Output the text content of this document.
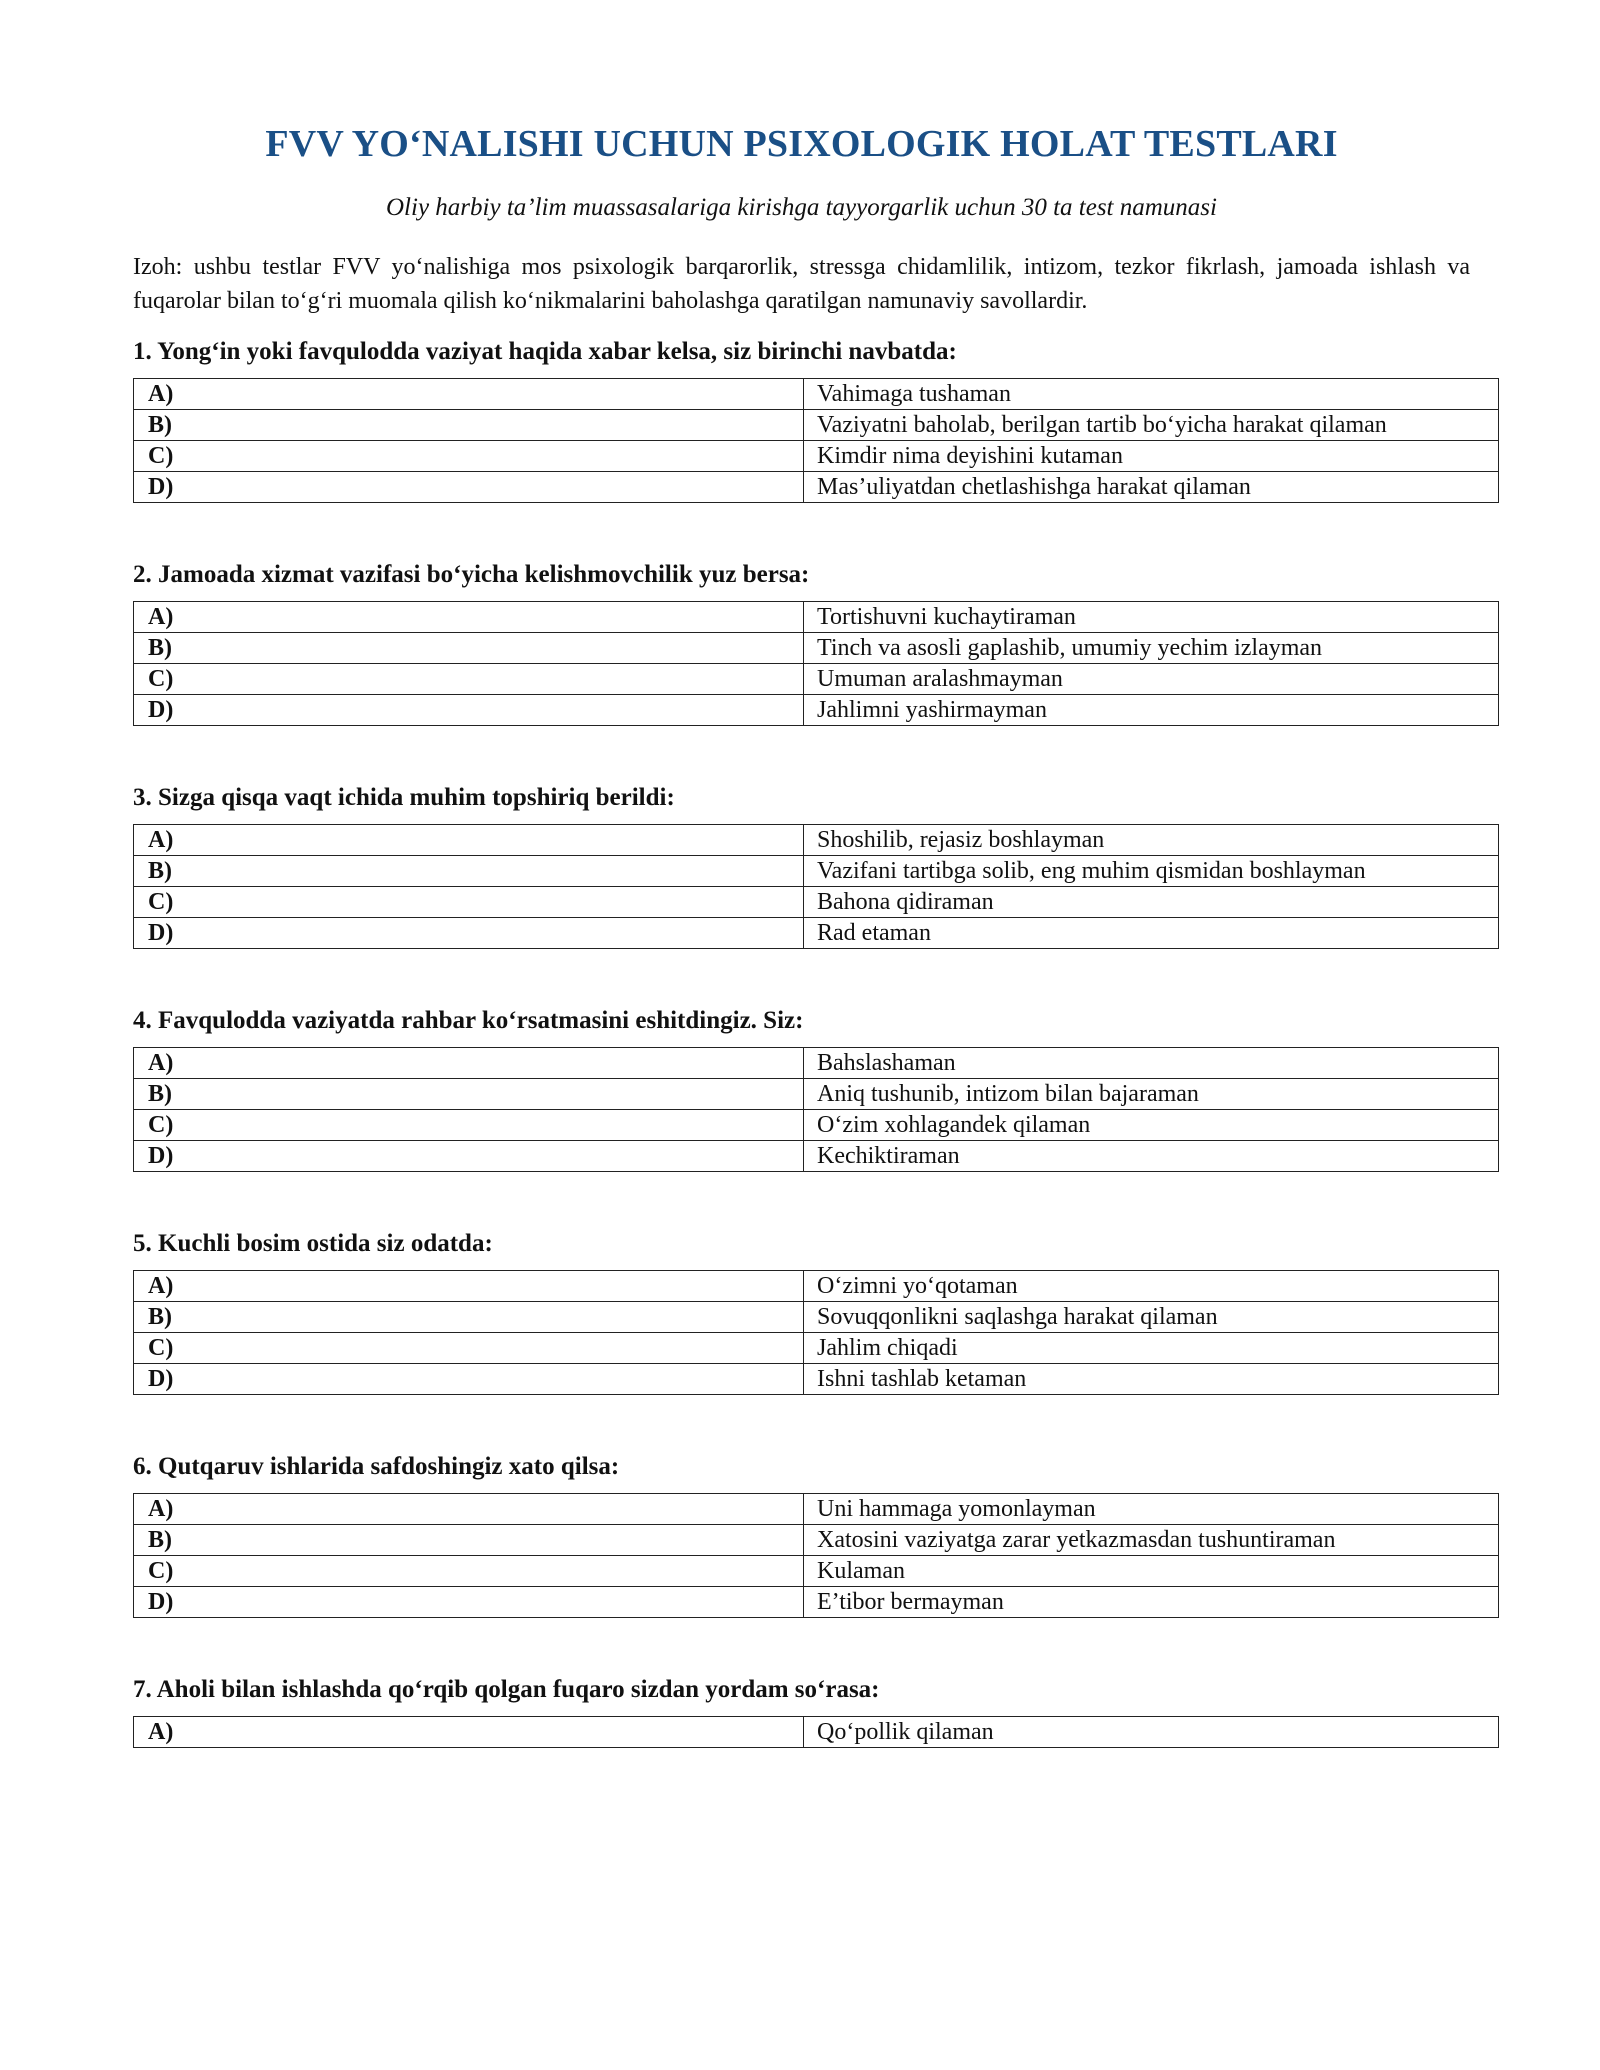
FVV YO‘NALISHI UCHUN PSIXOLOGIK HOLAT TESTLARI
Oliy harbiy ta’lim muassasalariga kirishga tayyorgarlik uchun 30 ta test namunasi

Izoh: ushbu testlar FVV yo‘nalishiga mos psixologik barqarorlik, stressga chidamlilik, intizom, tezkor fikrlash, jamoada ishlash va fuqarolar bilan to‘g‘ri muomala qilish ko‘nikmalarini baholashga qaratilgan namunaviy savollardir.

1. Yong‘in yoki favqulodda vaziyat haqida xabar kelsa, siz birinchi navbatda:
A)	Vahimaga tushaman
B)	Vaziyatni baholab, berilgan tartib bo‘yicha harakat qilaman
C)	Kimdir nima deyishini kutaman
D)	Mas’uliyatdan chetlashishga harakat qilaman
2. Jamoada xizmat vazifasi bo‘yicha kelishmovchilik yuz bersa:
A)	Tortishuvni kuchaytiraman
B)	Tinch va asosli gaplashib, umumiy yechim izlayman
C)	Umuman aralashmayman
D)	Jahlimni yashirmayman
3. Sizga qisqa vaqt ichida muhim topshiriq berildi:
A)	Shoshilib, rejasiz boshlayman
B)	Vazifani tartibga solib, eng muhim qismidan boshlayman
C)	Bahona qidiraman
D)	Rad etaman
4. Favqulodda vaziyatda rahbar ko‘rsatmasini eshitdingiz. Siz:
A)	Bahslashaman
B)	Aniq tushunib, intizom bilan bajaraman
C)	O‘zim xohlagandek qilaman
D)	Kechiktiraman
5. Kuchli bosim ostida siz odatda:
A)	O‘zimni yo‘qotaman
B)	Sovuqqonlikni saqlashga harakat qilaman
C)	Jahlim chiqadi
D)	Ishni tashlab ketaman
6. Qutqaruv ishlarida safdoshingiz xato qilsa:
A)	Uni hammaga yomonlayman
B)	Xatosini vaziyatga zarar yetkazmasdan tushuntiraman
C)	Kulaman
D)	E’tibor bermayman
7. Aholi bilan ishlashda qo‘rqib qolgan fuqaro sizdan yordam so‘rasa:
A)	Qo‘pollik qilaman
